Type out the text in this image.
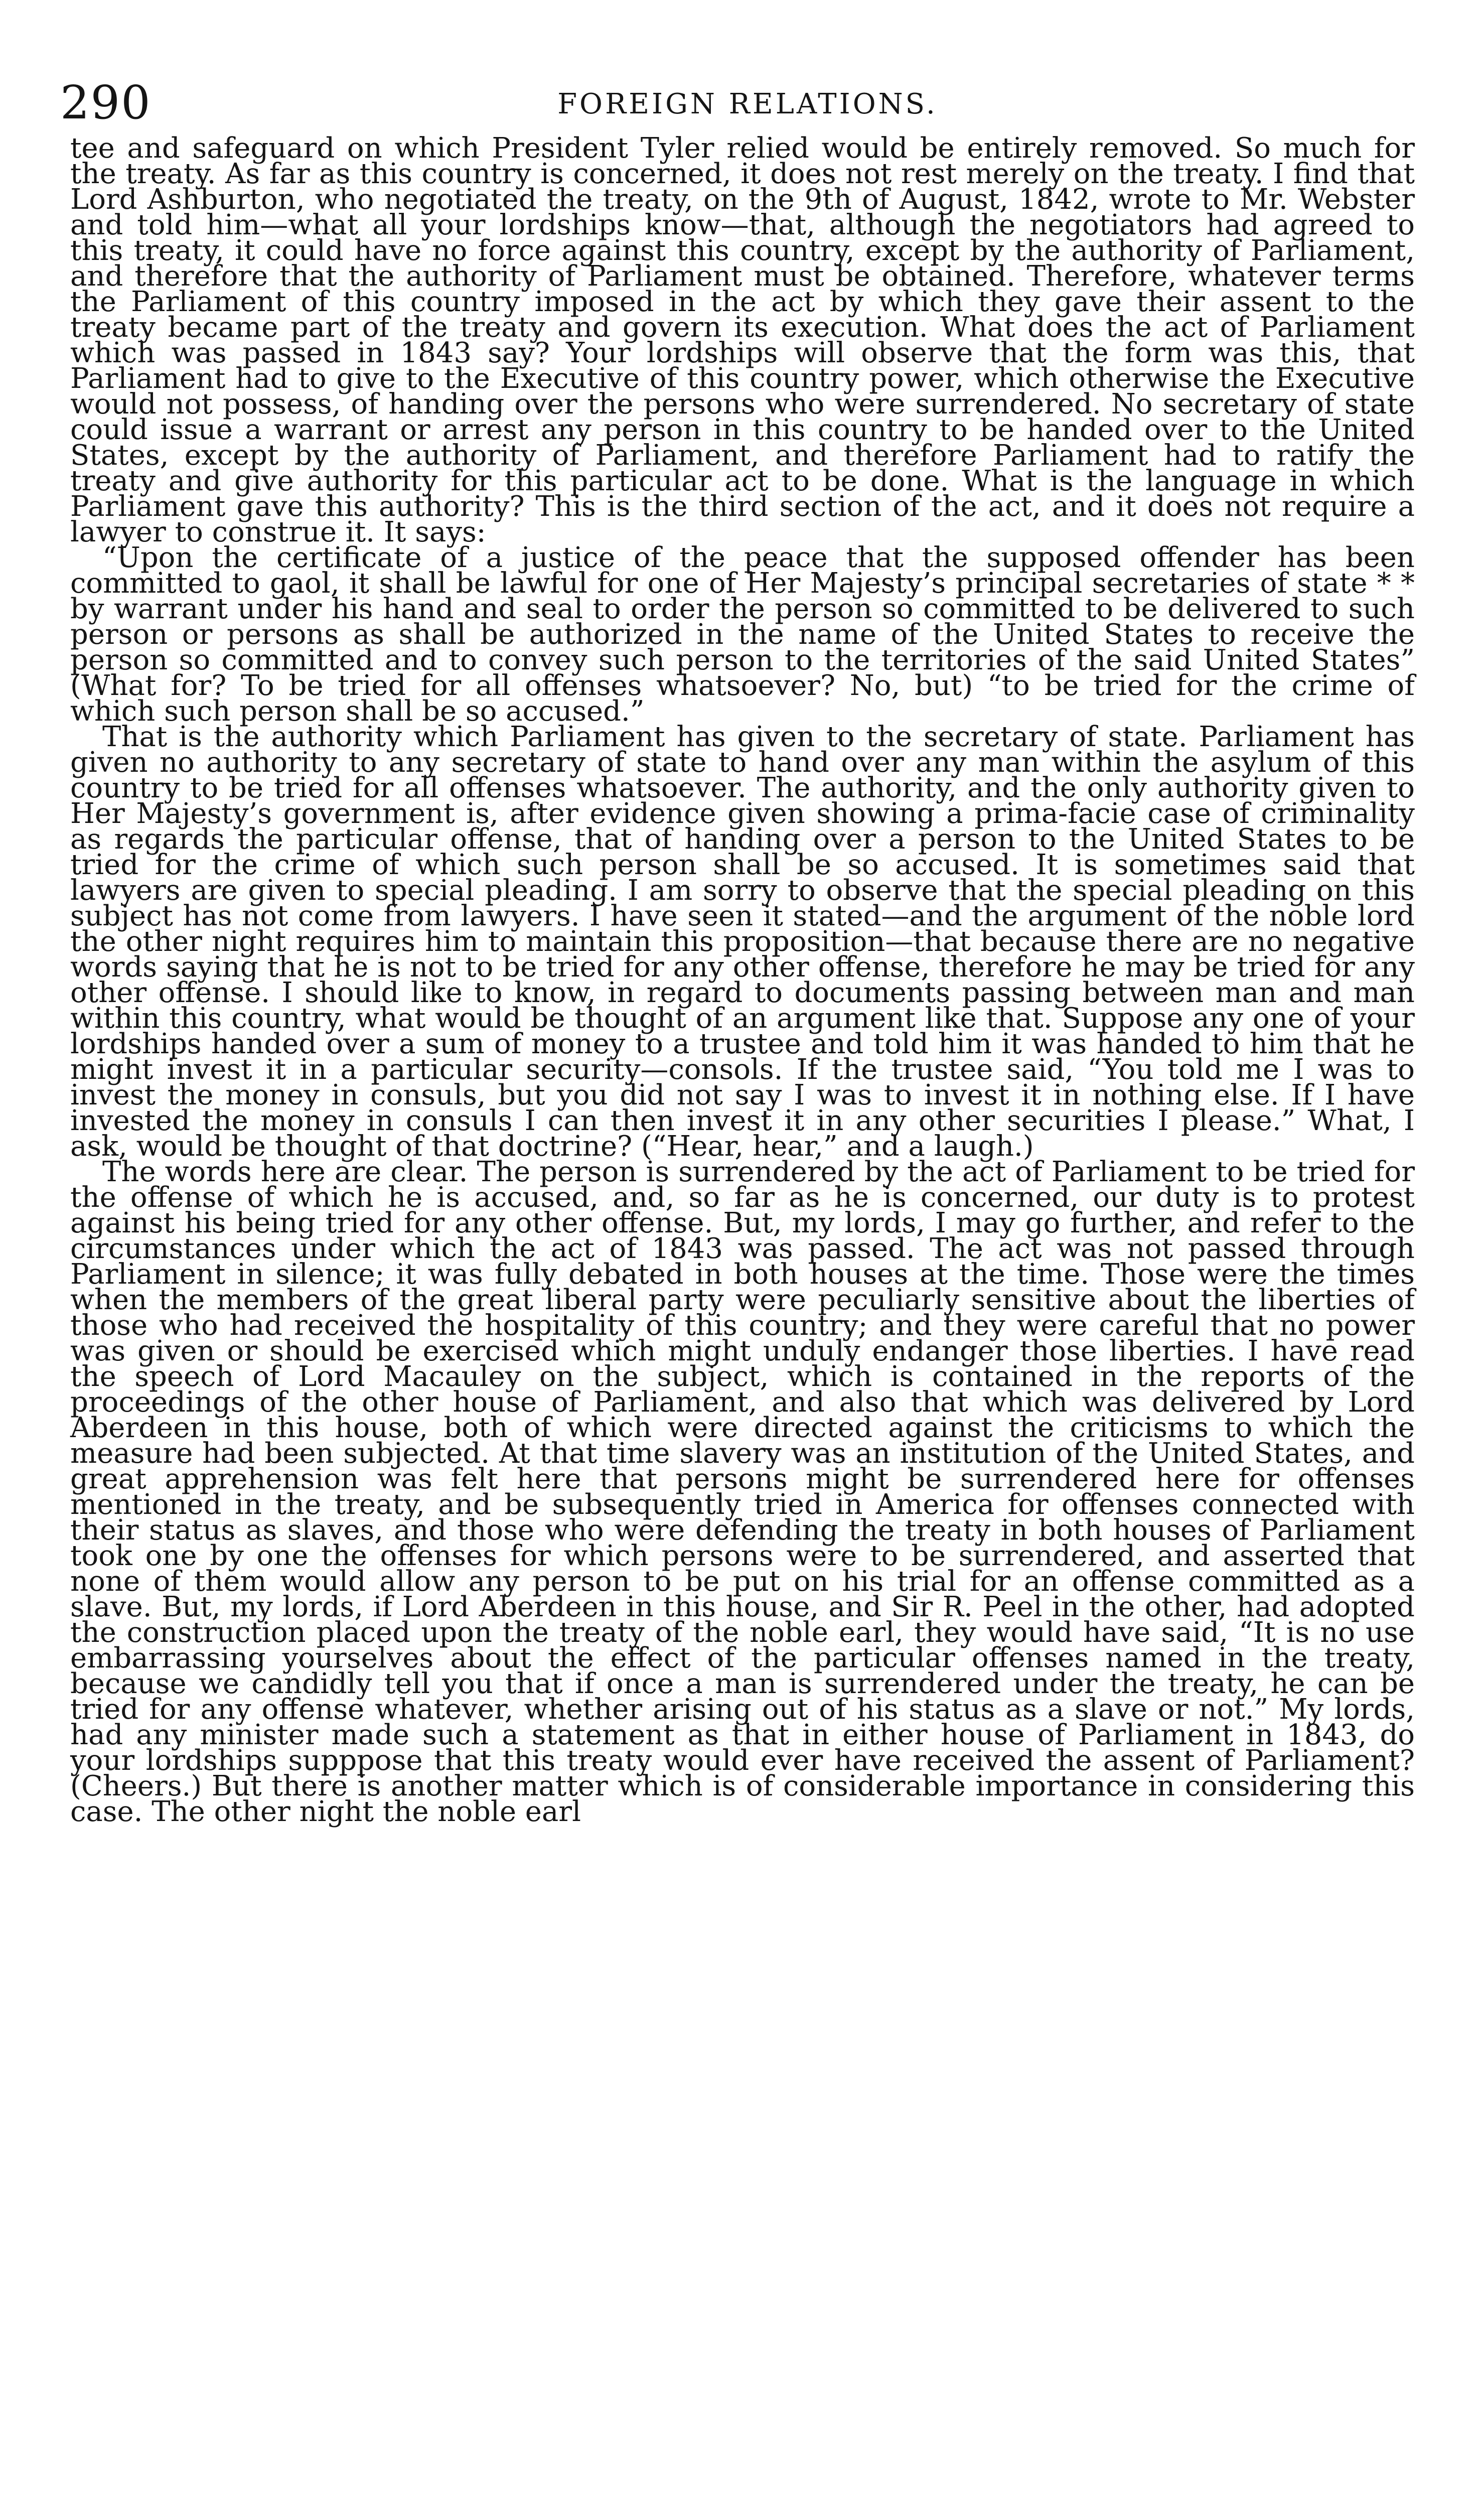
290	FOREIGN RELATIONS.

tee and safeguard on which President Tyler relied would be entirely removed. So much for the treaty. As far as this country is concerned, it does not rest merely on the treaty. I find that Lord Ashburton, who negotiated the treaty, on the 9th of August, 1842, wrote to Mr. Webster and told him—what all your lordships know—that, although the negotiators had agreed to this treaty, it could have no force against this country, except by the authority of Parliament, and therefore that the authority of Parliament must be obtained. Therefore, whatever terms the Parliament of this country imposed in the act by which they gave their assent to the treaty became part of the treaty and govern its execution. What does the act of Parliament which was passed in 1843 say? Your lordships will observe that the form was this, that Parliament had to give to the Executive of this country power, which otherwise the Executive would not possess, of handing over the persons who were surrendered. No secretary of state could issue a warrant or arrest any person in this country to be handed over to the United States, except by the authority of Parliament, and therefore Parliament had to ratify the treaty and give authority for this particular act to be done. What is the language in which Parliament gave this authority? This is the third section of the act, and it does not require a lawyer to construe it. It says:

“Upon the certificate of a justice of the peace that the supposed offender has been committed to gaol, it shall be lawful for one of Her Majesty’s principal secretaries of state * * by warrant under his hand and seal to order the person so committed to be delivered to such person or persons as shall be authorized in the name of the United States to receive the person so committed and to convey such person to the territories of the said United States” (What for? To be tried for all offenses whatsoever? No, but) “to be tried for the crime of which such person shall be so accused.”

That is the authority which Parliament has given to the secretary of state. Parliament has given no authority to any secretary of state to hand over any man within the asylum of this country to be tried for all offenses whatsoever. The authority, and the only authority given to Her Majesty’s government is, after evidence given showing a prima-facie case of criminality as regards the particular offense, that of handing over a person to the United States to be tried for the crime of which such person shall be so accused. It is sometimes said that lawyers are given to special pleading. I am sorry to observe that the special pleading on this subject has not come from lawyers. I have seen it stated—and the argument of the noble lord the other night requires him to maintain this proposition—that because there are no negative words saying that he is not to be tried for any other offense, therefore he may be tried for any other offense. I should like to know, in regard to documents passing between man and man within this country, what would be thought of an argument like that. Suppose any one of your lordships handed over a sum of money to a trustee and told him it was handed to him that he might invest it in a particular security—consols. If the trustee said, “You told me I was to invest the money in consuls, but you did not say I was to invest it in nothing else. If I have invested the money in consuls I can then invest it in any other securities I please.” What, I ask, would be thought of that doctrine? (“Hear, hear,” and a laugh.)

The words here are clear. The person is surrendered by the act of Parliament to be tried for the offense of which he is accused, and, so far as he is concerned, our duty is to protest against his being tried for any other offense. But, my lords, I may go further, and refer to the circumstances under which the act of 1843 was passed. The act was not passed through Parliament in silence; it was fully debated in both houses at the time. Those were the times when the members of the great liberal party were peculiarly sensitive about the liberties of those who had received the hospitality of this country; and they were careful that no power was given or should be exercised which might unduly endanger those liberties. I have read the speech of Lord Macauley on the subject, which is contained in the reports of the proceedings of the other house of Parliament, and also that which was delivered by Lord Aberdeen in this house, both of which were directed against the criticisms to which the measure had been subjected. At that time slavery was an institution of the United States, and great apprehension was felt here that persons might be surrendered here for offenses mentioned in the treaty, and be subsequently tried in America for offenses connected with their status as slaves, and those who were defending the treaty in both houses of Parliament took one by one the offenses for which persons were to be surrendered, and asserted that none of them would allow any person to be put on his trial for an offense committed as a slave. But, my lords, if Lord Aberdeen in this house, and Sir R. Peel in the other, had adopted the construction placed upon the treaty of the noble earl, they would have said, “It is no use embarrassing yourselves about the effect of the particular offenses named in the treaty, because we candidly tell you that if once a man is surrendered under the treaty, he can be tried for any offense whatever, whether arising out of his status as a slave or not.” My lords, had any minister made such a statement as that in either house of Parliament in 1843, do your lordships supppose that this treaty would ever have received the assent of Parliament? (Cheers.) But there is another matter which is of considerable importance in considering this case. The other night the noble earl
